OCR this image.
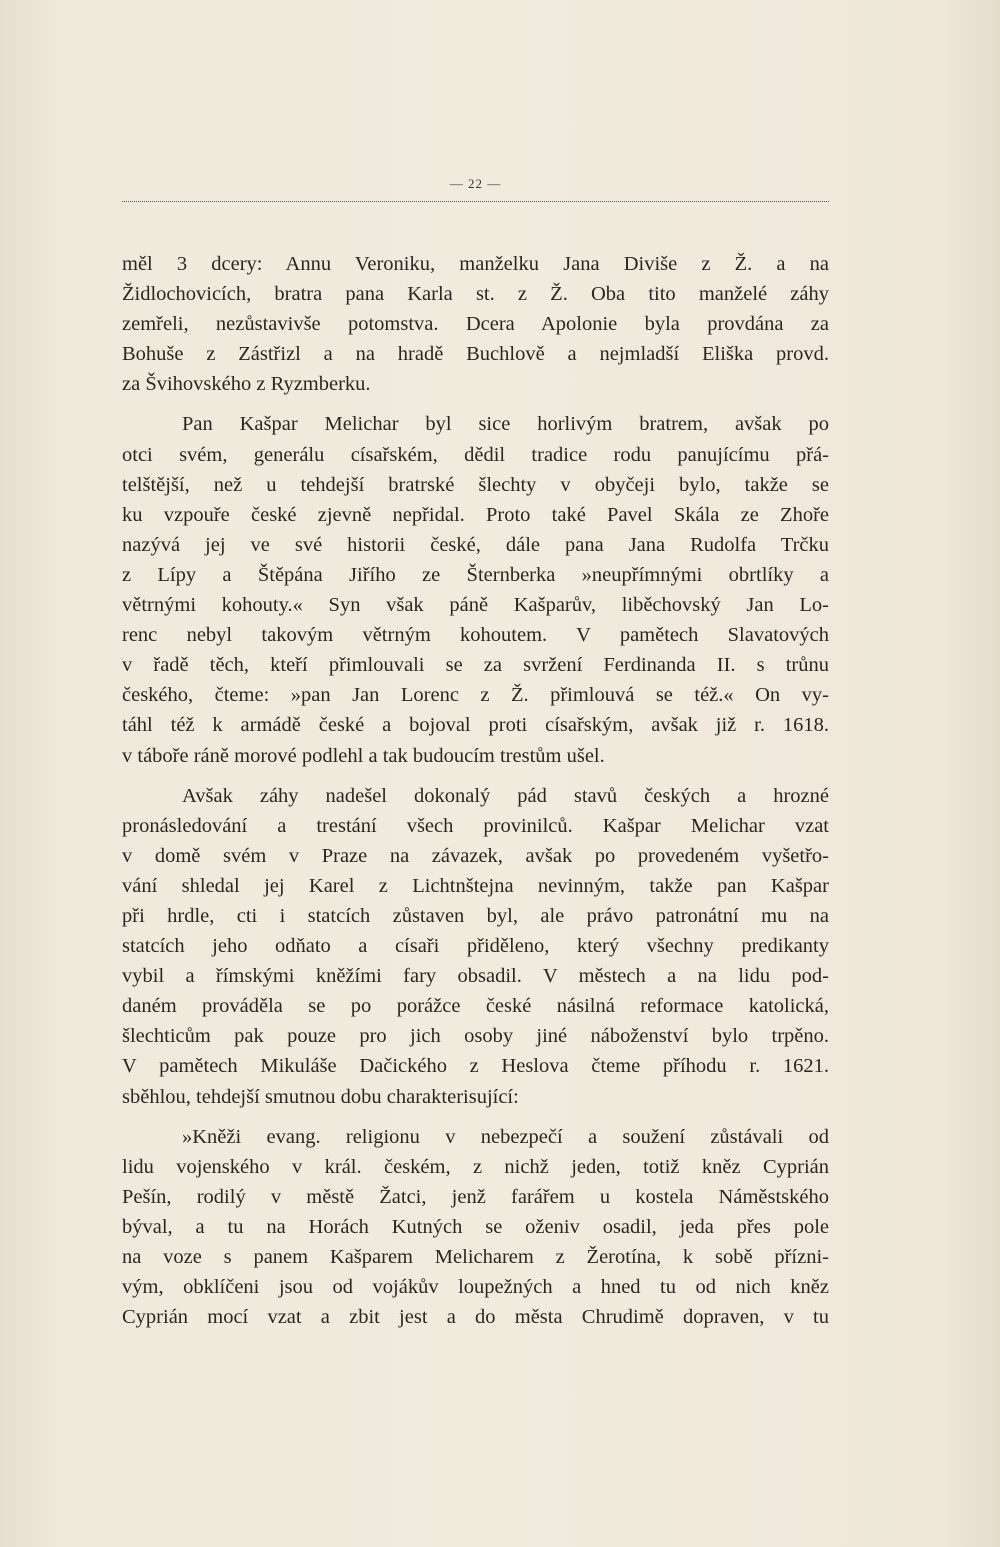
— 22 —
měl 3 dcery: Annu Veroniku, manželku Jana Diviše z Ž. a na
Židlochovicích, bratra pana Karla st. z Ž. Oba tito manželé záhy
zemřeli, nezůstavivše potomstva. Dcera Apolonie byla provdána za
Bohuše z Zástřizl a na hradě Buchlově a nejmladší Eliška provd.
za Švihovského z Ryzmberku.
Pan Kašpar Melichar byl sice horlivým bratrem, avšak po
otci svém, generálu císařském, dědil tradice rodu panujícímu přá-
telštější, než u tehdejší bratrské šlechty v obyčeji bylo, takže se
ku vzpouře české zjevně nepřidal. Proto také Pavel Skála ze Zhoře
nazývá jej ve své historii české, dále pana Jana Rudolfa Trčku
z Lípy a Štěpána Jiřího ze Šternberka »neupřímnými obrtlíky a
větrnými kohouty.« Syn však páně Kašparův, liběchovský Jan Lo-
renc nebyl takovým větrným kohoutem. V pamětech Slavatových
v řadě těch, kteří přimlouvali se za svržení Ferdinanda II. s trůnu
českého, čteme: »pan Jan Lorenc z Ž. přimlouvá se též.« On vy-
táhl též k armádě české a bojoval proti císařským, avšak již r. 1618.
v táboře ráně morové podlehl a tak budoucím trestům ušel.
Avšak záhy nadešel dokonalý pád stavů českých a hrozné
pronásledování a trestání všech provinilců. Kašpar Melichar vzat
v domě svém v Praze na závazek, avšak po provedeném vyšetřo-
vání shledal jej Karel z Lichtnštejna nevinným, takže pan Kašpar
při hrdle, cti i statcích zůstaven byl, ale právo patronátní mu na
statcích jeho odňato a císaři přiděleno, který všechny predikanty
vybil a římskými kněžími fary obsadil. V městech a na lidu pod-
daném prováděla se po porážce české násilná reformace katolická,
šlechticům pak pouze pro jich osoby jiné náboženství bylo trpěno.
V pamětech Mikuláše Dačického z Heslova čteme příhodu r. 1621.
sběhlou, tehdejší smutnou dobu charakterisující:
»Kněži evang. religionu v nebezpečí a soužení zůstávali od
lidu vojenského v král. českém, z nichž jeden, totiž kněz Cyprián
Pešín, rodilý v městě Žatci, jenž farářem u kostela Náměstského
býval, a tu na Horách Kutných se oženiv osadil, jeda přes pole
na voze s panem Kašparem Melicharem z Žerotína, k sobě přízni-
vým, obklíčeni jsou od vojákův loupežných a hned tu od nich kněz
Cyprián mocí vzat a zbit jest a do města Chrudimě dopraven, v tu
